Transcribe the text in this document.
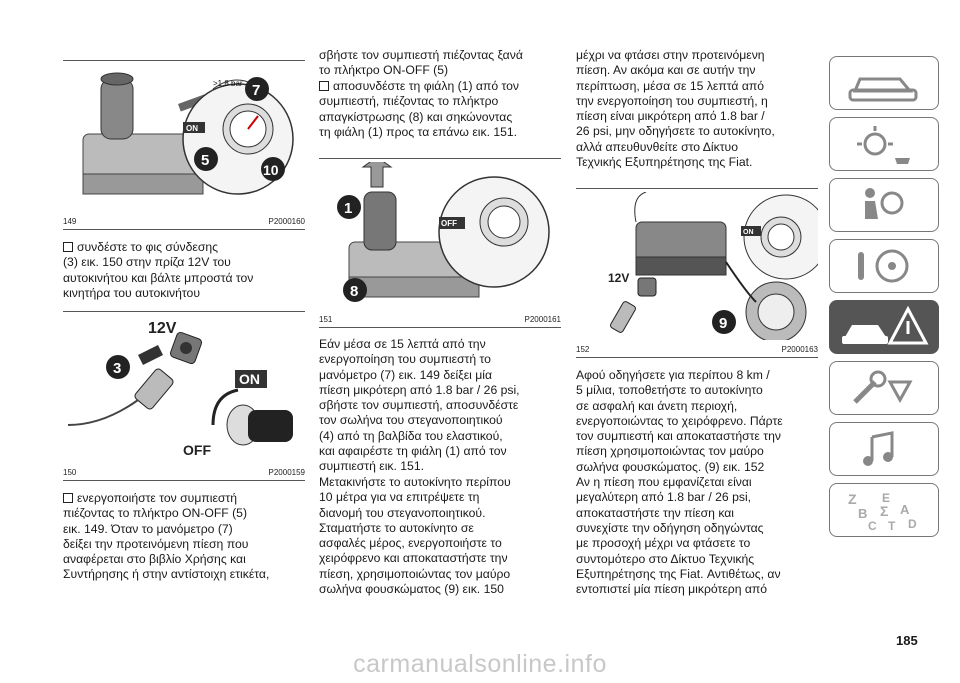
ON
>1,8 bar 7
5
10
149	P2000160
συνδέστε το φις σύνδεσης
(3) εικ. 150 στην πρίζα 12V του
αυτοκινήτου και βάλτε μπροστά τον
κινητήρα του αυτοκινήτου
12V
3
ON
OFF
150	P2000159
ενεργοποιήστε τον συμπιεστή
πιέζοντας το πλήκτρο ON-OFF (5)
εικ. 149. Όταν το μανόμετρο (7)
δείξει την προτεινόμενη πίεση που
αναφέρεται στο βιβλίο Χρήσης και
Συντήρησης ή στην αντίστοιχη ετικέτα,
σβήστε τον συμπιεστή πιέζοντας ξανά
το πλήκτρο ON-OFF (5)
αποσυνδέστε τη φιάλη (1) από τον
συμπιεστή, πιέζοντας το πλήκτρο
απαγκίστρωσης (8) και σηκώνοντας
τη φιάλη (1) προς τα επάνω εικ. 151.
OFF
1
8
151	P2000161
Εάν μέσα σε 15 λεπτά από την
ενεργοποίηση του συμπιεστή το
μανόμετρο (7) εικ. 149 δείξει μία
πίεση μικρότερη από 1.8 bar / 26 psi,
σβήστε τον συμπιεστή, αποσυνδέστε
τον σωλήνα του στεγανοποιητικού
(4) από τη βαλβίδα του ελαστικού,
και αφαιρέστε τη φιάλη (1) από τον
συμπιεστή εικ. 151.
Μετακινήστε το αυτοκίνητο περίπου
10 μέτρα για να επιτρέψετε τη
διανομή του στεγανοποιητικού.
Σταματήστε το αυτοκίνητο σε
ασφαλές μέρος, ενεργοποιήστε το
χειρόφρενο και αποκαταστήστε την
πίεση, χρησιμοποιώντας τον μαύρο
σωλήνα φουσκώματος (9) εικ. 150
μέχρι να φτάσει στην προτεινόμενη
πίεση. Αν ακόμα και σε αυτήν την
περίπτωση, μέσα σε 15 λεπτά από
την ενεργοποίηση του συμπιεστή, η
πίεση είναι μικρότερη από 1.8 bar /
26 psi, μην οδηγήσετε το αυτοκίνητο,
αλλά απευθυνθείτε στο Δίκτυο
Τεχνικής Εξυπηρέτησης της Fiat.
ON
12V
9
152	P2000163
Αφού οδηγήσετε για περίπου 8 km /
5 μίλια, τοποθετήστε το αυτοκίνητο
σε ασφαλή και άνετη περιοχή,
ενεργοποιώντας το χειρόφρενο. Πάρτε
τον συμπιεστή και αποκαταστήστε την
πίεση χρησιμοποιώντας τον μαύρο
σωλήνα φουσκώματος. (9) εικ. 152
Αν η πίεση που εμφανίζεται είναι
μεγαλύτερη από 1.8 bar / 26 psi,
αποκαταστήστε την πίεση και
συνεχίστε την οδήγηση οδηγώντας
με προσοχή μέχρι να φτάσετε το
συντομότερο στο Δίκτυο Τεχνικής
Εξυπηρέτησης της Fiat. Αντιθέτως, αν
εντοπιστεί μία πίεση μικρότερη από
Z E
B
C
A
D
T
Σ
185
carmanualsonline.info
